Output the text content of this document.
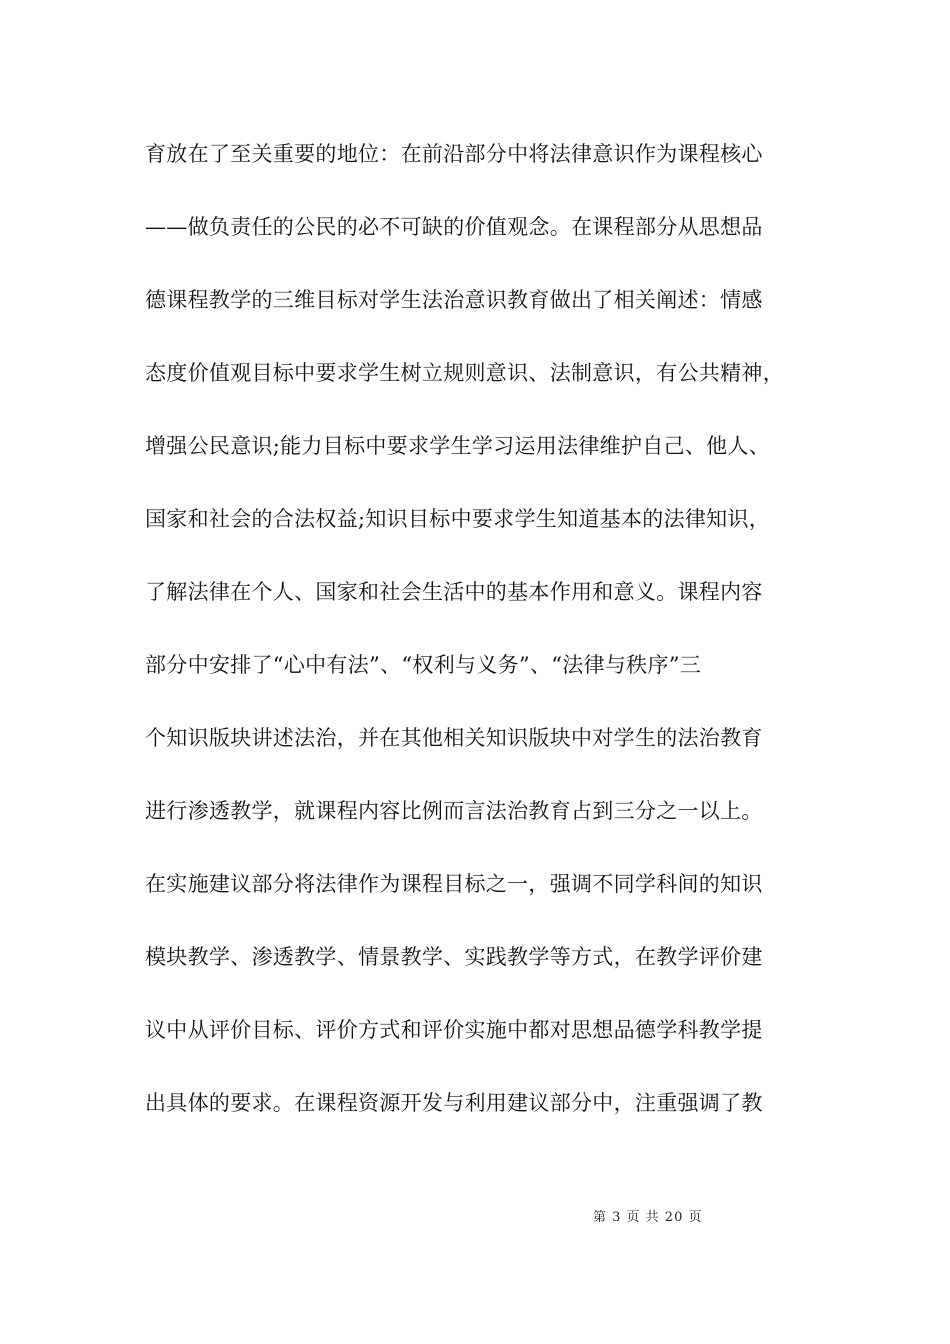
育放在了至关重要的地位：在前沿部分中将法律意识作为课程核心

——做负责任的公民的必不可缺的价值观念。在课程部分从思想品

德课程教学的三维目标对学生法治意识教育做出了相关阐述：情感

态度价值观目标中要求学生树立规则意识、法制意识，有公共精神，

增强公民意识;能力目标中要求学生学习运用法律维护自己、他人、

国家和社会的合法权益;知识目标中要求学生知道基本的法律知识，

了解法律在个人、国家和社会生活中的基本作用和意义。课程内容

部分中安排了“心中有法”、“权利与义务”、“法律与秩序”三

个知识版块讲述法治，并在其他相关知识版块中对学生的法治教育

进行渗透教学，就课程内容比例而言法治教育占到三分之一以上。

在实施建议部分将法律作为课程目标之一，强调不同学科间的知识

模块教学、渗透教学、情景教学、实践教学等方式，在教学评价建

议中从评价目标、评价方式和评价实施中都对思想品德学科教学提

出具体的要求。在课程资源开发与利用建议部分中，注重强调了教

第 3 页 共 20 页
